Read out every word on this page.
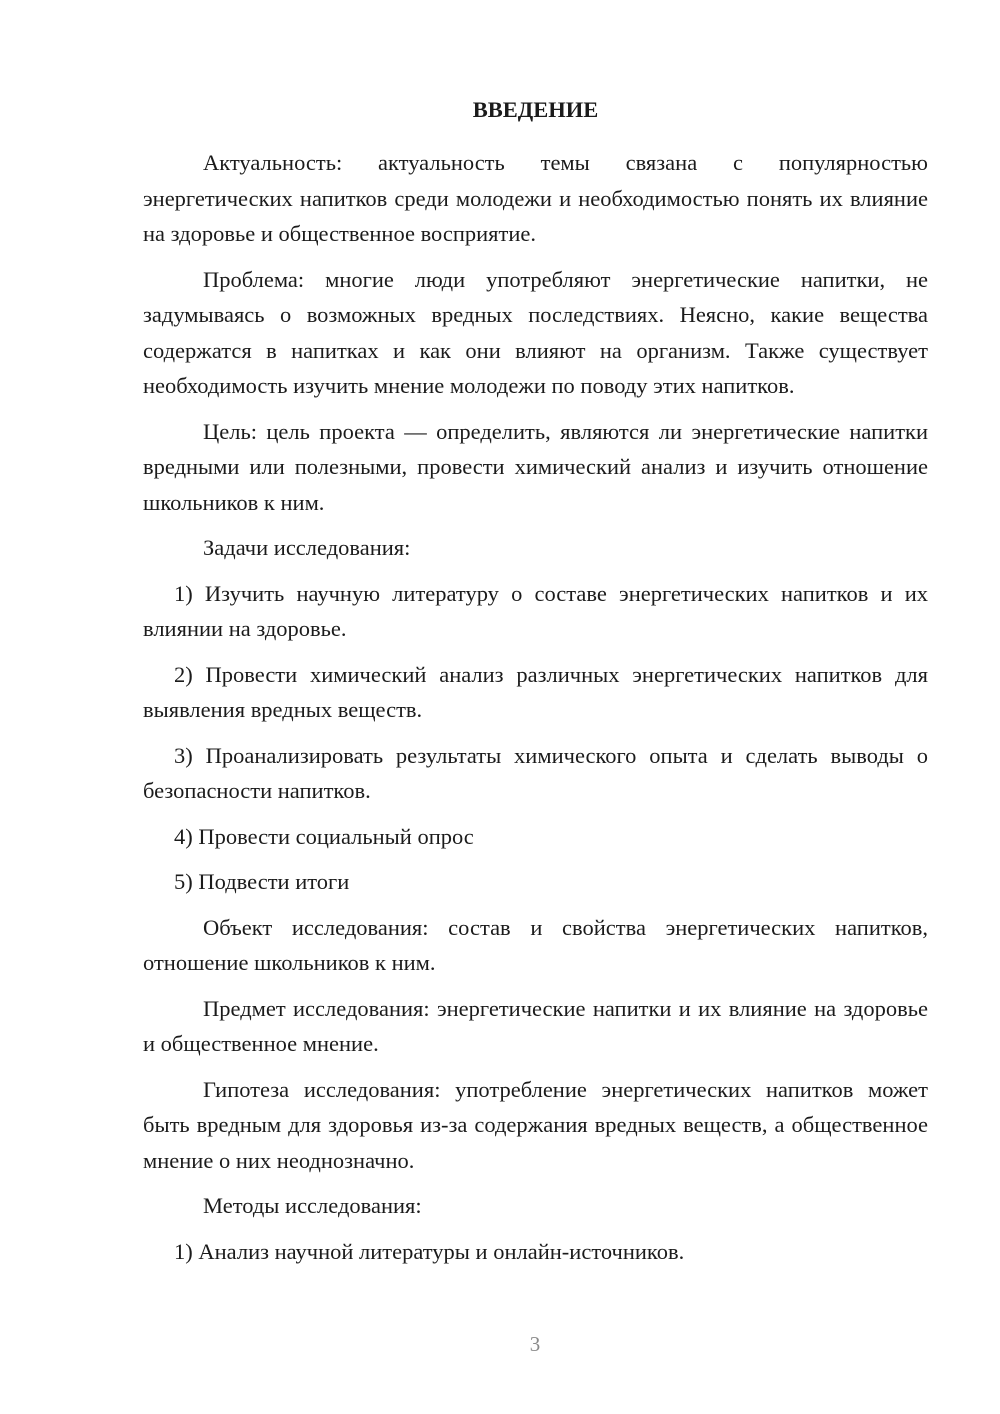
ВВЕДЕНИЕ

Актуальность: актуальность темы связана с популярностью энергетических напитков среди молодежи и необходимостью понять их влияние на здоровье и общественное восприятие.

Проблема: многие люди употребляют энергетические напитки, не задумываясь о возможных вредных последствиях. Неясно, какие вещества содержатся в напитках и как они влияют на организм. Также существует необходимость изучить мнение молодежи по поводу этих напитков.

Цель: цель проекта — определить, являются ли энергетические напитки вредными или полезными, провести химический анализ и изучить отношение школьников к ним.

Задачи исследования:

1) Изучить научную литературу о составе энергетических напитков и их влиянии на здоровье.

2) Провести химический анализ различных энергетических напитков для выявления вредных веществ.

3) Проанализировать результаты химического опыта и сделать выводы о безопасности напитков.

4) Провести социальный опрос

5) Подвести итоги

Объект исследования: состав и свойства энергетических напитков, отношение школьников к ним.

Предмет исследования: энергетические напитки и их влияние на здоровье и общественное мнение.

Гипотеза исследования: употребление энергетических напитков может быть вредным для здоровья из-за содержания вредных веществ, а общественное мнение о них неоднозначно.

Методы исследования:

1) Анализ научной литературы и онлайн-источников.

3
